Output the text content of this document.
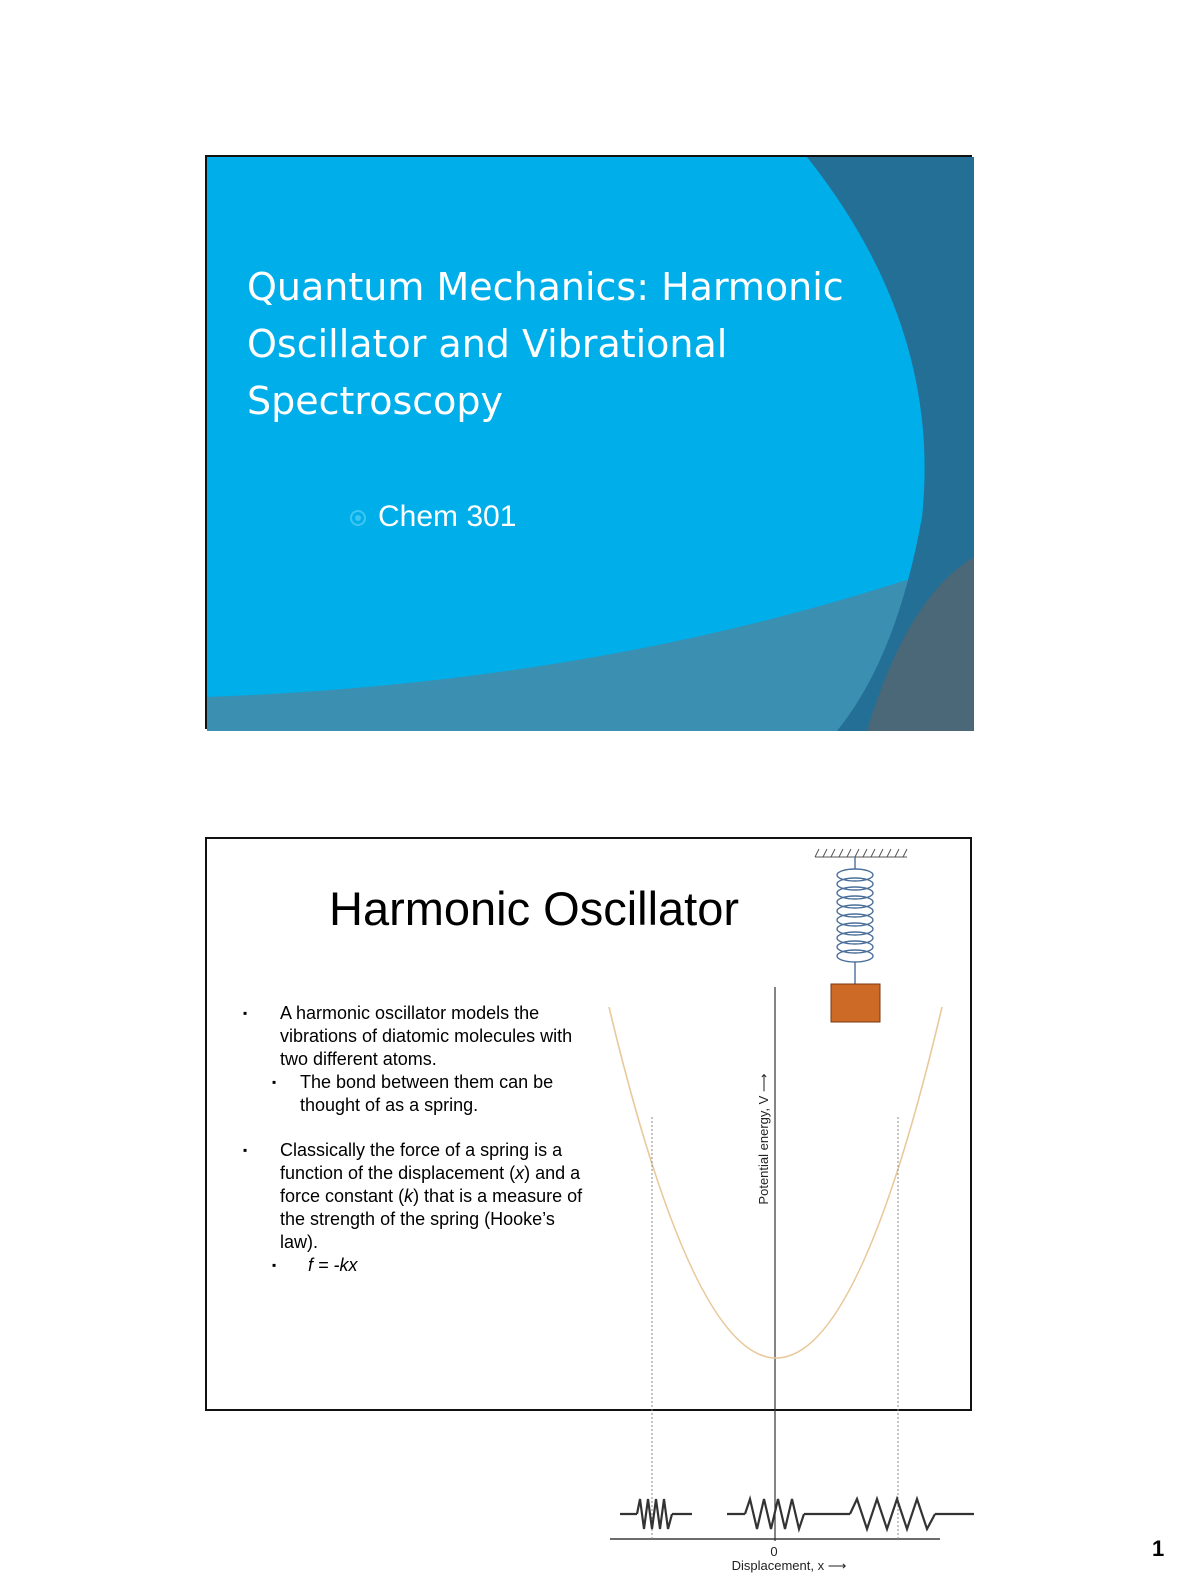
Quantum Mechanics: Harmonic Oscillator and Vibrational Spectroscopy
Chem 301
Harmonic Oscillator
▪ A harmonic oscillator models the vibrations of diatomic molecules with two different atoms.
▪ The bond between them can be thought of as a spring.
▪ Classically the force of a spring is a function of the displacement (x) and a force constant (k) that is a measure of the strength of the spring (Hooke’s law).
▪ f = -kx
Potential energy, V ⟶
0
Displacement, x ⟶
1
